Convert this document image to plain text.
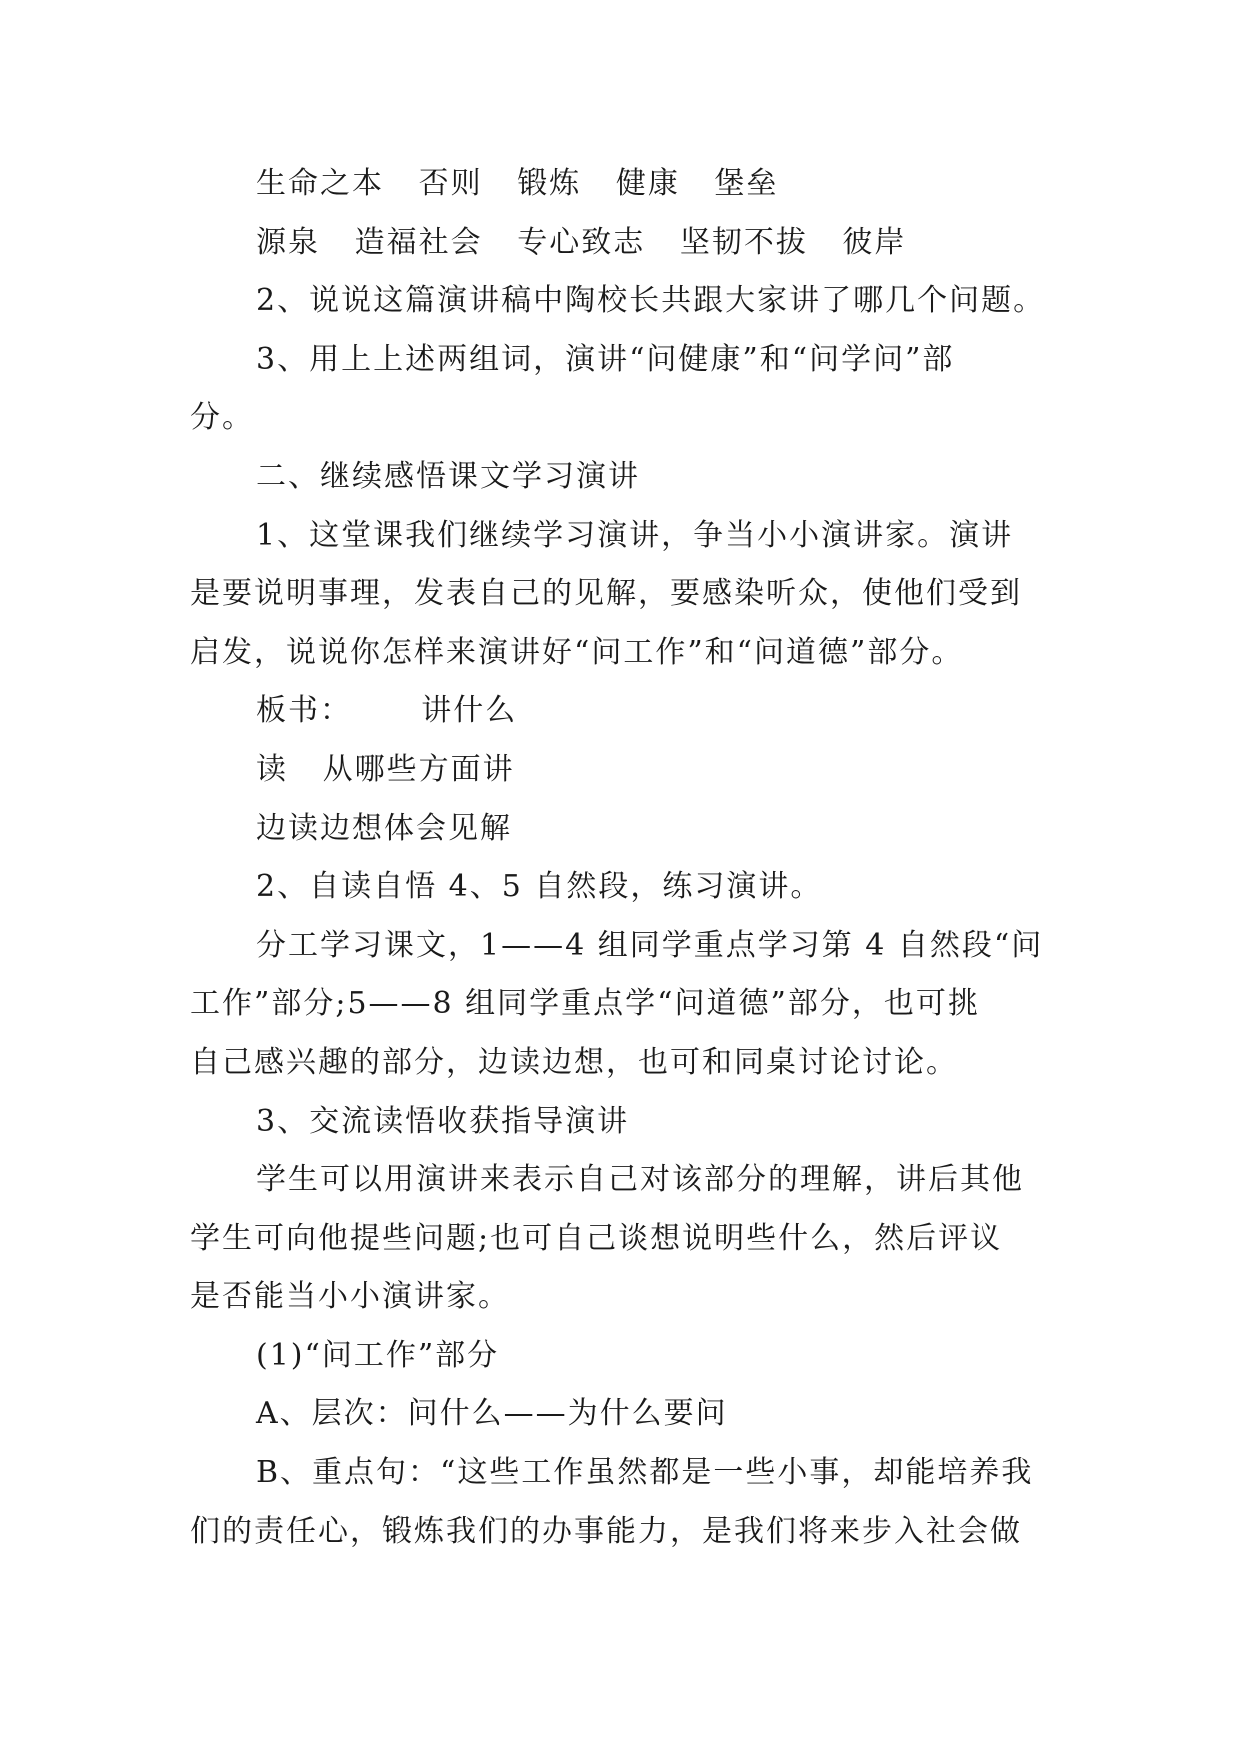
生命之本   否则   锻炼   健康   堡垒
源泉   造福社会   专心致志   坚韧不拔   彼岸
2、说说这篇演讲稿中陶校长共跟大家讲了哪几个问题。
3、用上上述两组词，演讲“问健康”和“问学问”部
分。
二、继续感悟课文学习演讲
1、这堂课我们继续学习演讲，争当小小演讲家。演讲
是要说明事理，发表自己的见解，要感染听众，使他们受到
启发，说说你怎样来演讲好“问工作”和“问道德”部分。
板书：      讲什么
读   从哪些方面讲
边读边想体会见解
2、自读自悟 4、5 自然段，练习演讲。
分工学习课文，1——4 组同学重点学习第 4 自然段“问
工作”部分;5——8 组同学重点学“问道德”部分，也可挑
自己感兴趣的部分，边读边想，也可和同桌讨论讨论。
3、交流读悟收获指导演讲
学生可以用演讲来表示自己对该部分的理解，讲后其他
学生可向他提些问题;也可自己谈想说明些什么，然后评议
是否能当小小演讲家。
(1)“问工作”部分
A、层次：问什么——为什么要问
B、重点句：“这些工作虽然都是一些小事，却能培养我
们的责任心，锻炼我们的办事能力，是我们将来步入社会做
